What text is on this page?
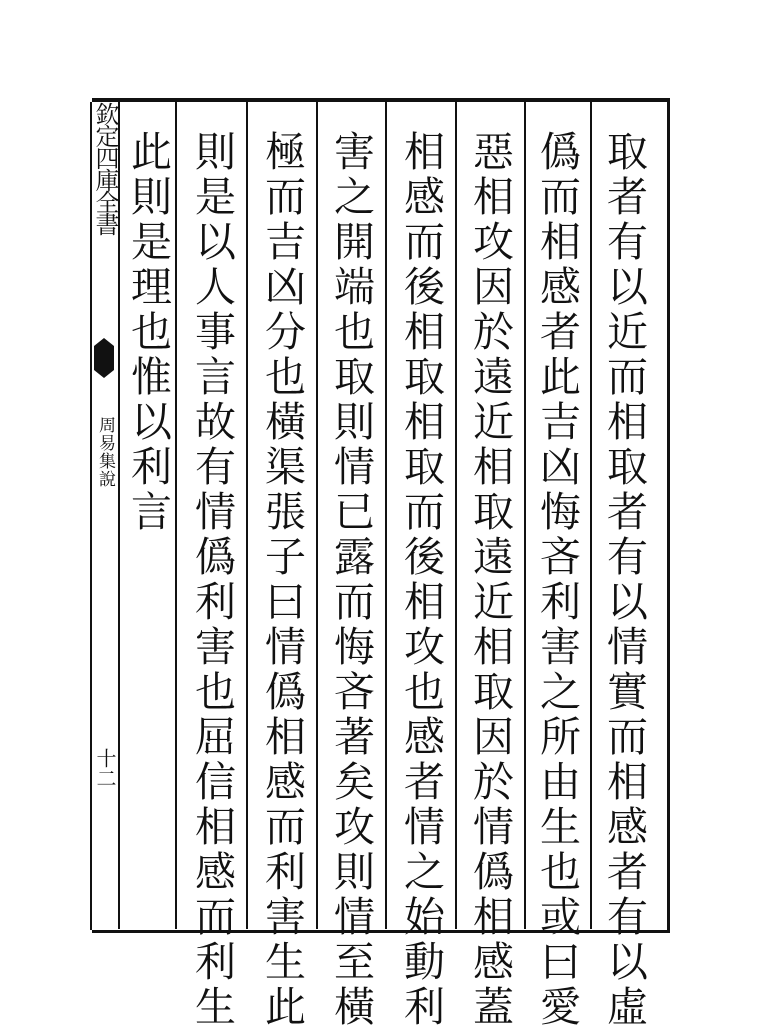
欽定四庫全書
周易集說
十二	取者有以近而相取者有以情實而相感者有以虛
僞而相感者此吉凶悔吝利害之所由生也或曰愛
惡相攻因於遠近相取遠近相取因於情僞相感蓋
相感而後相取相取而後相攻也感者情之始動利
害之開端也取則情已露而悔吝著矣攻則情至橫
極而吉凶分也橫渠張子曰情僞相感而利害生此
則是以人事言故有情僞利害也屈信相感而利生
此則是理也惟以利言
